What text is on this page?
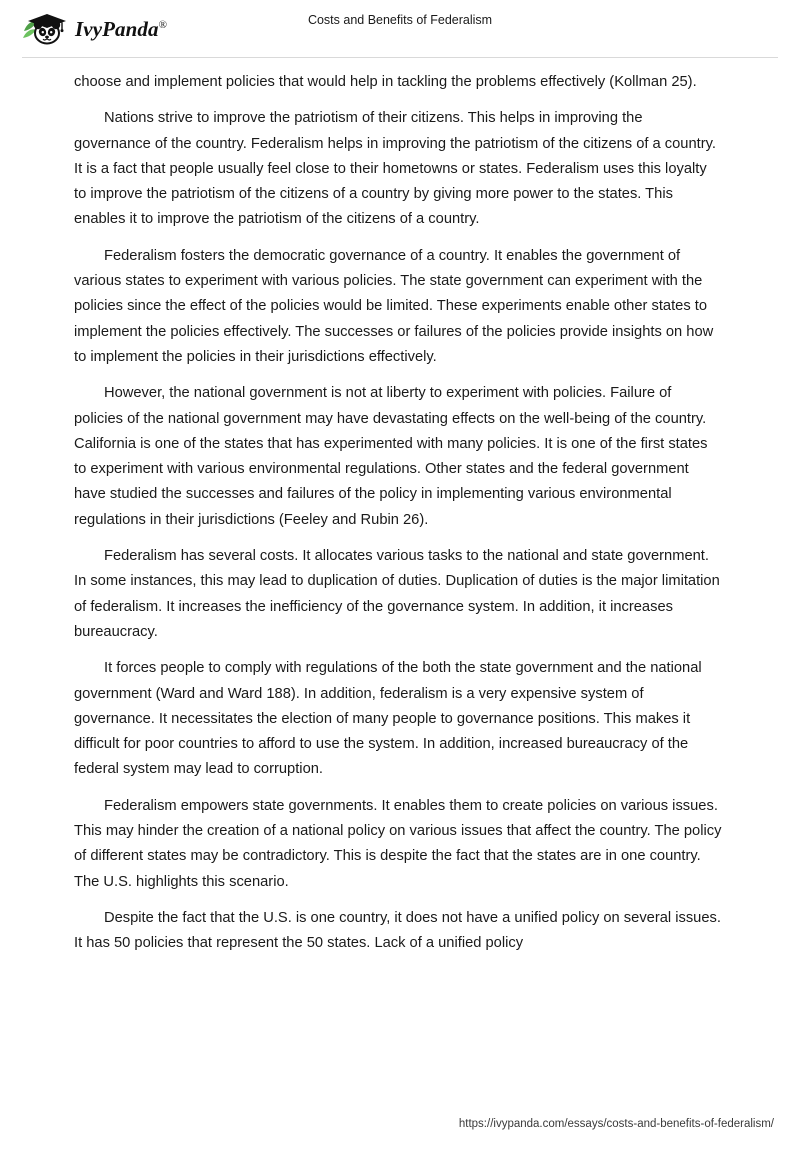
IvyPanda®	Costs and Benefits of Federalism

choose and implement policies that would help in tackling the problems effectively (Kollman 25).

Nations strive to improve the patriotism of their citizens. This helps in improving the governance of the country. Federalism helps in improving the patriotism of the citizens of a country. It is a fact that people usually feel close to their hometowns or states. Federalism uses this loyalty to improve the patriotism of the citizens of a country by giving more power to the states. This enables it to improve the patriotism of the citizens of a country.

Federalism fosters the democratic governance of a country. It enables the government of various states to experiment with various policies. The state government can experiment with the policies since the effect of the policies would be limited. These experiments enable other states to implement the policies effectively. The successes or failures of the policies provide insights on how to implement the policies in their jurisdictions effectively.

However, the national government is not at liberty to experiment with policies. Failure of policies of the national government may have devastating effects on the well-being of the country. California is one of the states that has experimented with many policies. It is one of the first states to experiment with various environmental regulations. Other states and the federal government have studied the successes and failures of the policy in implementing various environmental regulations in their jurisdictions (Feeley and Rubin 26).

Federalism has several costs. It allocates various tasks to the national and state government. In some instances, this may lead to duplication of duties. Duplication of duties is the major limitation of federalism. It increases the inefficiency of the governance system. In addition, it increases bureaucracy.

It forces people to comply with regulations of the both the state government and the national government (Ward and Ward 188). In addition, federalism is a very expensive system of governance. It necessitates the election of many people to governance positions. This makes it difficult for poor countries to afford to use the system. In addition, increased bureaucracy of the federal system may lead to corruption.

Federalism empowers state governments. It enables them to create policies on various issues. This may hinder the creation of a national policy on various issues that affect the country. The policy of different states may be contradictory. This is despite the fact that the states are in one country. The U.S. highlights this scenario.

Despite the fact that the U.S. is one country, it does not have a unified policy on several issues. It has 50 policies that represent the 50 states. Lack of a unified policy

https://ivypanda.com/essays/costs-and-benefits-of-federalism/
